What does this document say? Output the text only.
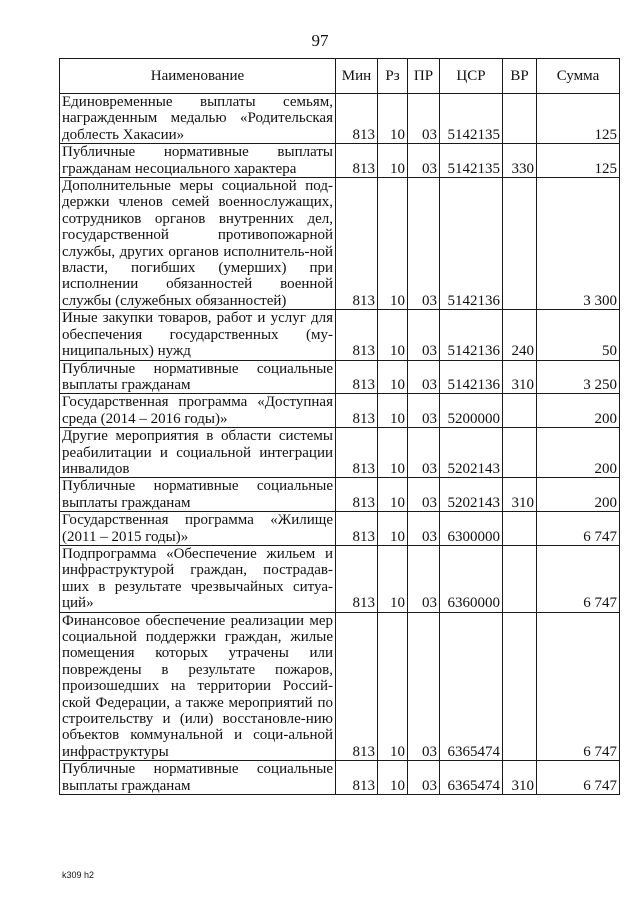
97
Наименование	Мин	Рз	ПР	ЦСР	ВР	Сумма
Единовременные выплаты семьям, награжденным медалью «Родительская доблесть Хакасии»	813	10	03	5142135		125
Публичные нормативные выплаты гражданам несоциального характера	813	10	03	5142135	330	125
Дополнительные меры социальной под-держки членов семей военнослужащих, сотрудников органов внутренних дел, государственной противопожарной службы, других органов исполнитель-ной власти, погибших (умерших) при исполнении обязанностей военной службы (служебных обязанностей)	813	10	03	5142136		3 300
Иные закупки товаров, работ и услуг для обеспечения государственных (му-ниципальных) нужд	813	10	03	5142136	240	50
Публичные нормативные социальные выплаты гражданам	813	10	03	5142136	310	3 250
Государственная программа «Доступная среда (2014 – 2016 годы)»	813	10	03	5200000		200
Другие мероприятия в области системы реабилитации и социальной интеграции инвалидов	813	10	03	5202143		200
Публичные нормативные социальные выплаты гражданам	813	10	03	5202143	310	200
Государственная программа «Жилище (2011 – 2015 годы)»	813	10	03	6300000		6 747
Подпрограмма «Обеспечение жильем и инфраструктурой граждан, пострадав-ших в результате чрезвычайных ситуа-ций»	813	10	03	6360000		6 747
Финансовое обеспечение реализации мер социальной поддержки граждан, жилые помещения которых утрачены или повреждены в результате пожаров, произошедших на территории Россий-ской Федерации, а также мероприятий по строительству и (или) восстановле-нию объектов коммунальной и соци-альной инфраструктуры	813	10	03	6365474		6 747
Публичные нормативные социальные выплаты гражданам	813	10	03	6365474	310	6 747
k309 h2
